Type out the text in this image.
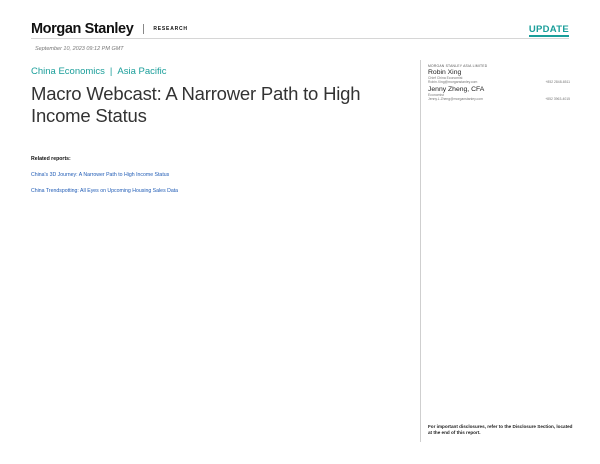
Morgan Stanley	RESEARCH	UPDATE
September 10, 2023 09:12 PM GMT
China Economics | Asia Pacific
Macro Webcast: A Narrower Path to High Income Status
Related reports:
China's 3D Journey: A Narrower Path to High Income Status
China Trendspotting: All Eyes on Upcoming Housing Sales Data
MORGAN STANLEY ASIA LIMITED
Robin Xing
Chief China Economist
Robin.Xing@morganstanley.com	+852 2848-6511
Jenny Zheng, CFA
Economist
Jenny.L.Zheng@morganstanley.com	+852 3963-4015
For important disclosures, refer to the Disclosure Section, located at the end of this report.
